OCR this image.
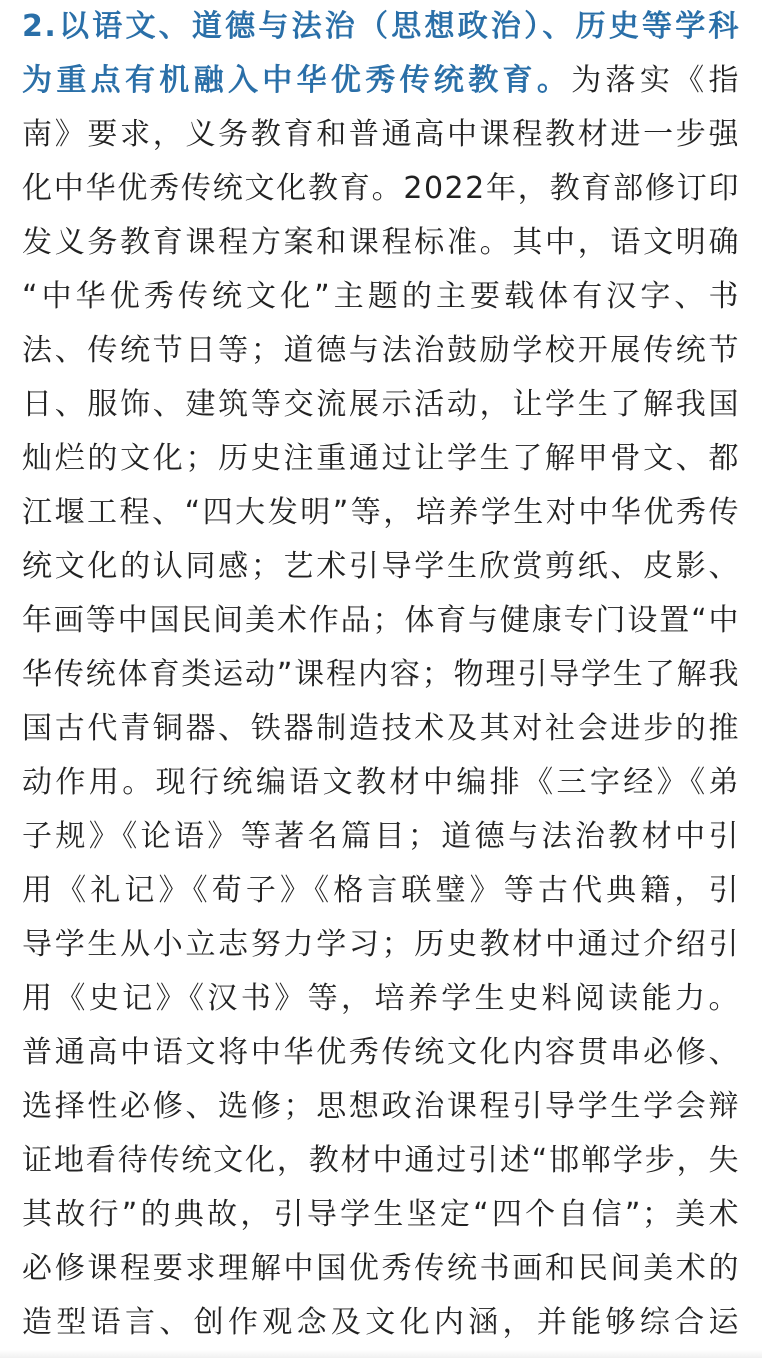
2.以语文、道德与法治（思想政治）、历史等学科
为重点有机融入中华优秀传统教育。为落实《指
南》要求，义务教育和普通高中课程教材进一步强
化中华优秀传统文化教育。2022年，教育部修订印
发义务教育课程方案和课程标准。其中，语文明确
“中华优秀传统文化”主题的主要载体有汉字、书
法、传统节日等；道德与法治鼓励学校开展传统节
日、服饰、建筑等交流展示活动，让学生了解我国
灿烂的文化；历史注重通过让学生了解甲骨文、都
江堰工程、“四大发明”等，培养学生对中华优秀传
统文化的认同感；艺术引导学生欣赏剪纸、皮影、
年画等中国民间美术作品；体育与健康专门设置“中
华传统体育类运动”课程内容；物理引导学生了解我
国古代青铜器、铁器制造技术及其对社会进步的推
动作用。现行统编语文教材中编排《三字经》《弟
子规》《论语》等著名篇目；道德与法治教材中引
用《礼记》《荀子》《格言联璧》等古代典籍，引
导学生从小立志努力学习；历史教材中通过介绍引
用《史记》《汉书》等，培养学生史料阅读能力。
普通高中语文将中华优秀传统文化内容贯串必修、
选择性必修、选修；思想政治课程引导学生学会辩
证地看待传统文化，教材中通过引述“邯郸学步，失
其故行”的典故，引导学生坚定“四个自信”；美术
必修课程要求理解中国优秀传统书画和民间美术的
造型语言、创作观念及文化内涵，并能够综合运
